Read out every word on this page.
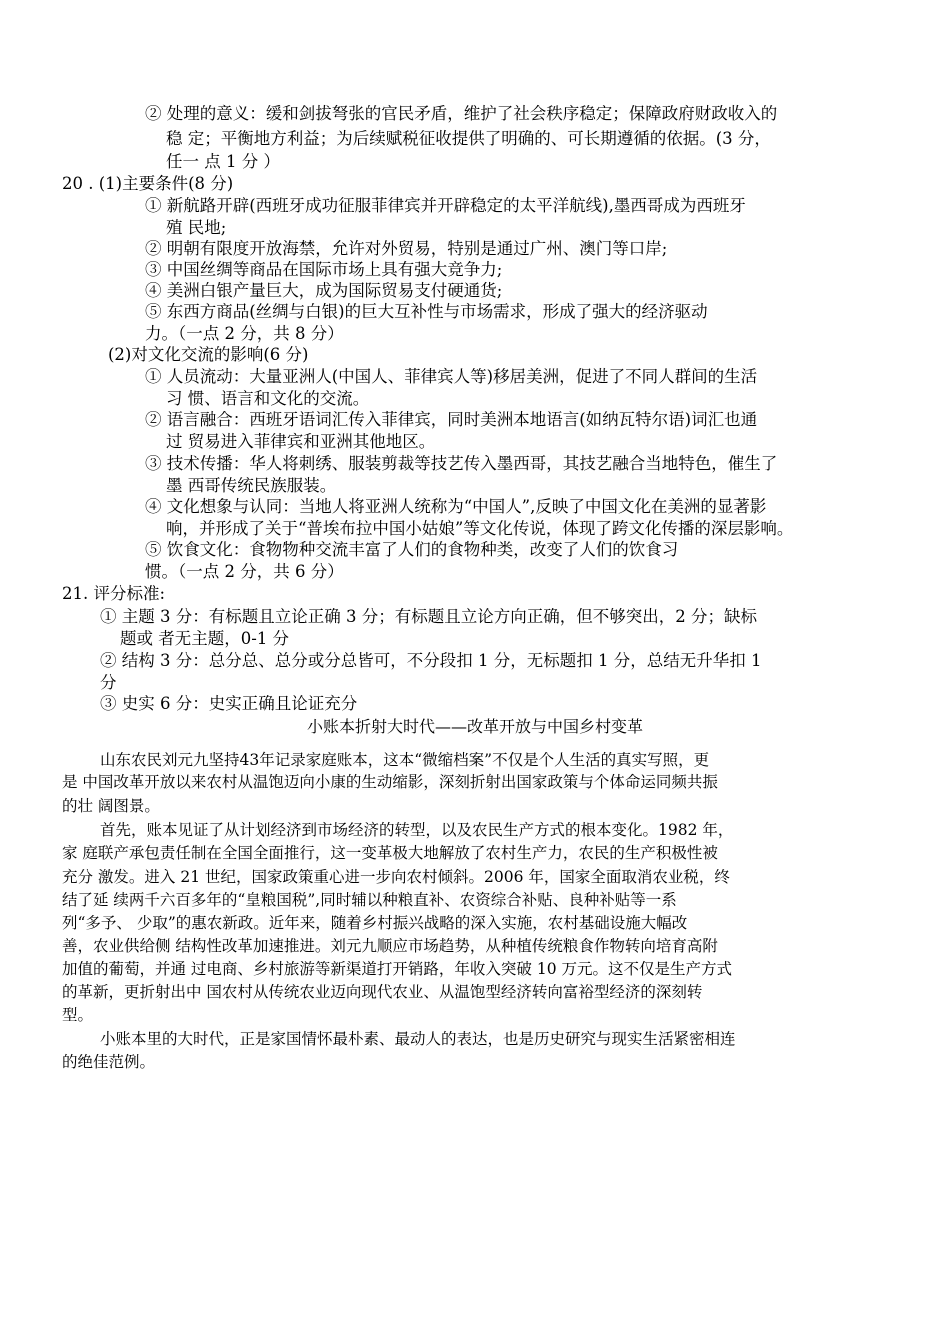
② 处理的意义：缓和剑拔弩张的官民矛盾，维护了社会秩序稳定；保障政府财政收入的
稳 定；平衡地方利益；为后续赋税征收提供了明确的、可长期遵循的依据。(3 分，
任一 点 1 分 ）
20 . (1)主要条件(8 分)
① 新航路开辟(西班牙成功征服菲律宾并开辟稳定的太平洋航线),墨西哥成为西班牙
殖 民地;
② 明朝有限度开放海禁，允许对外贸易，特别是通过广州、澳门等口岸;
③ 中国丝绸等商品在国际市场上具有强大竞争力;
④ 美洲白银产量巨大，成为国际贸易支付硬通货;
⑤ 东西方商品(丝绸与白银)的巨大互补性与市场需求，形成了强大的经济驱动
力。（一点 2 分，共 8 分）
(2)对文化交流的影响(6 分)
① 人员流动：大量亚洲人(中国人、菲律宾人等)移居美洲，促进了不同人群间的生活
习 惯、语言和文化的交流。
② 语言融合：西班牙语词汇传入菲律宾，同时美洲本地语言(如纳瓦特尔语)词汇也通
过 贸易进入菲律宾和亚洲其他地区。
③ 技术传播：华人将刺绣、服装剪裁等技艺传入墨西哥，其技艺融合当地特色，催生了
墨 西哥传统民族服装。
④ 文化想象与认同：当地人将亚洲人统称为“中国人”,反映了中国文化在美洲的显著影
响，并形成了关于“普埃布拉中国小姑娘”等文化传说，体现了跨文化传播的深层影响。
⑤ 饮食文化：食物物种交流丰富了人们的食物种类，改变了人们的饮食习
惯。（一点 2 分，共 6 分）
21. 评分标准:
① 主题 3 分：有标题且立论正确 3 分；有标题且立论方向正确，但不够突出，2 分；缺标
题或 者无主题，0-1 分
② 结构 3 分：总分总、总分或分总皆可，不分段扣 1 分，无标题扣 1 分，总结无升华扣 1
分
③ 史实 6 分：史实正确且论证充分
小账本折射大时代——改革开放与中国乡村变革
山东农民刘元九坚持43年记录家庭账本，这本“微缩档案”不仅是个人生活的真实写照，更
是 中国改革开放以来农村从温饱迈向小康的生动缩影，深刻折射出国家政策与个体命运同频共振
的壮 阔图景。
首先，账本见证了从计划经济到市场经济的转型，以及农民生产方式的根本变化。1982 年，
家 庭联产承包责任制在全国全面推行，这一变革极大地解放了农村生产力，农民的生产积极性被
充分 激发。进入 21 世纪，国家政策重心进一步向农村倾斜。2006 年，国家全面取消农业税，终
结了延 续两千六百多年的“皇粮国税”,同时辅以种粮直补、农资综合补贴、良种补贴等一系
列“多予、 少取”的惠农新政。近年来，随着乡村振兴战略的深入实施，农村基础设施大幅改
善，农业供给侧 结构性改革加速推进。刘元九顺应市场趋势，从种植传统粮食作物转向培育高附
加值的葡萄，并通 过电商、乡村旅游等新渠道打开销路，年收入突破 10 万元。这不仅是生产方式
的革新，更折射出中 国农村从传统农业迈向现代农业、从温饱型经济转向富裕型经济的深刻转
型。
小账本里的大时代，正是家国情怀最朴素、最动人的表达，也是历史研究与现实生活紧密相连
的绝佳范例。
